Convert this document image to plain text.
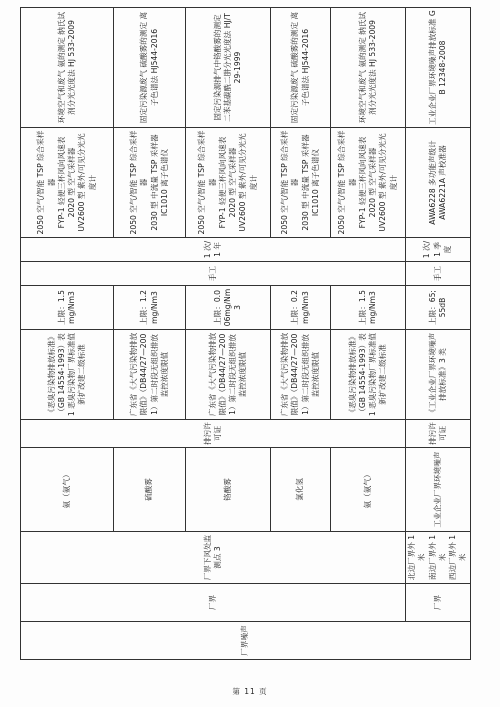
厂界噪声	厂界	厂界下风处监测点 3	氨（氨气）	排污许可证	《恶臭污染物排放标准》（GB 14554-1993）表 1 恶臭污染物厂界标准值新扩改建二级标准	上限：1.5mg/Nm3	手工	1 次/1 年	2050 空气/智能 TSP 综合采样器 FYP-1 轻便三杯风向风速表 2020 型 空气采样器 UV2600 型 紫外/可见分光光度计	环境空气和废气 氨的测定 纳氏试剂分光光度法 HJ 533-2009
			硫酸雾		广东省《大气污染物排放限值》（DB44/27—2001）第二时段无组织排放监控浓度限值	上限：1.2mg/Nm3			2050 空气/智能 TSP 综合采样器 2030 型 中流量 TSP 采样器 IC1010 离子色谱仪	固定污染源废气 硫酸雾的测定 离子色谱法 HJ544-2016
			铬酸雾		广东省《大气污染物排放限值》（DB44/27—2001）第二时段无组织排放监控浓度限值	上限：0.006mg/Nm3			2050 空气/智能 TSP 综合采样器 FYP-1 轻便三杯风向风速表 2020 型 空气采样器 UV2600 型 紫外/可见分光光度计	固定污染源排气中铬酸雾的测定 二苯基碳酰二肼分光光度法 HJ/T 29-1999
			氯化氢		广东省《大气污染物排放限值》（DB44/27—2001）第二时段无组织排放监控浓度限值	上限：0.2mg/Nm3			2050 空气/智能 TSP 综合采样器 2030 型 中流量 TSP 采样器 IC1010 离子色谱仪	固定污染源废气 硫酸雾的测定 离子色谱法 HJ544-2016
			氨（氨气）		《恶臭污染物排放标准》（GB 14554-1993）表 1 恶臭污染物厂界标准值新扩改建二级标准	上限：1.5mg/Nm3			2050 空气/智能 TSP 综合采样器 FYP-1 轻便三杯风向风速表 2020 型 空气采样器 UV2600 型 紫外/可见分光光度计	环境空气和废气 氨的测定 纳氏试剂分光光度法 HJ 533-2009
	厂界	北边厂界外 1 米 南边厂界外 1 米 西边厂界外 1 米	工业企业厂界环境噪声	排污许可证	《工业企业厂界环境噪声排放标准》3 类	上限：65;55dB	手工	1 次/1 季度	AWA6228 多功能声级计 AWA6221A 声校准器	工业企业厂界环境噪声排放标准 GB 12348-2008
第 11 页
